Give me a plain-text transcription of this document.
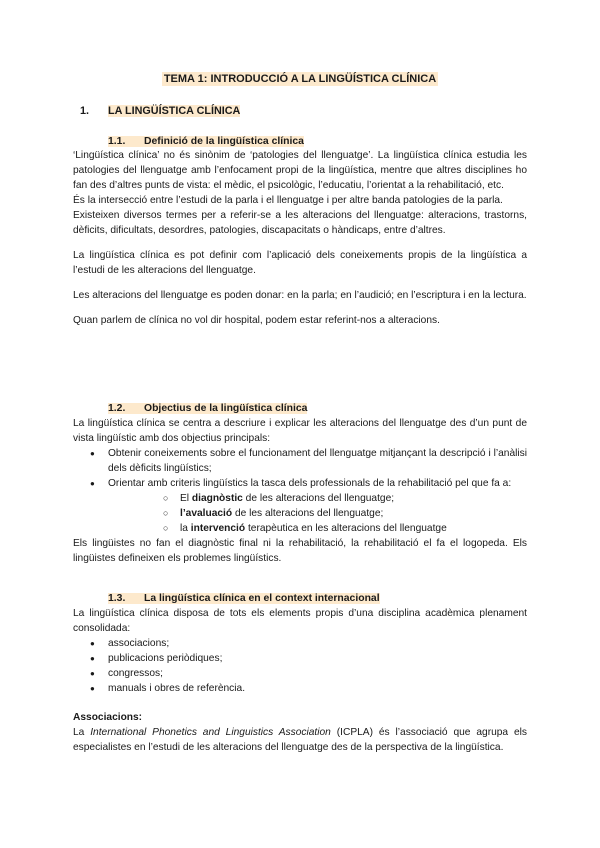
TEMA 1: INTRODUCCIÓ A LA LINGÜÍSTICA CLÍNICA
1. LA LINGÜÍSTICA CLÍNICA
1.1. Definició de la lingüística clínica

‘Lingüística clínica’ no és sinònim de ‘patologies del llenguatge’. La lingüística clínica estudia les patologies del llenguatge amb l’enfocament propi de la lingüística, mentre que altres disciplines ho fan des d’altres punts de vista: el mèdic, el psicològic, l’educatiu, l’orientat a la rehabilitació, etc.

És la intersecció entre l’estudi de la parla i el llenguatge i per altre banda patologies de la parla.

Existeixen diversos termes per a referir-se a les alteracions del llenguatge: alteracions, trastorns, dèficits, dificultats, desordres, patologies, discapacitats o hàndicaps, entre d’altres.

La lingüística clínica es pot definir com l’aplicació dels coneixements propis de la lingüística a l’estudi de les alteracions del llenguatge.

Les alteracions del llenguatge es poden donar: en la parla; en l’audició; en l’escriptura i en la lectura.

Quan parlem de clínica no vol dir hospital, podem estar referint-nos a alteracions.

1.2. Objectius de la lingüística clínica

La lingüística clínica se centra a descriure i explicar les alteracions del llenguatge des d’un punt de vista lingüístic amb dos objectius principals:

● Obtenir coneixements sobre el funcionament del llenguatge mitjançant la descripció i l’anàlisi dels dèficits lingüístics;
● Orientar amb criteris lingüístics la tasca dels professionals de la rehabilitació pel que fa a:
○ El diagnòstic de les alteracions del llenguatge;
○ l’avaluació de les alteracions del llenguatge;
○ la intervenció terapèutica en les alteracions del llenguatge

Els lingüistes no fan el diagnòstic final ni la rehabilitació, la rehabilitació el fa el logopeda. Els lingüistes defineixen els problemes lingüístics.

1.3. La lingüística clínica en el context internacional

La lingüística clínica disposa de tots els elements propis d’una disciplina acadèmica plenament consolidada:

● associacions;
● publicacions periòdiques;
● congressos;
● manuals i obres de referència.

Associacions:

La International Phonetics and Linguistics Association (ICPLA) és l’associació que agrupa els especialistes en l’estudi de les alteracions del llenguatge des de la perspectiva de la lingüística.
